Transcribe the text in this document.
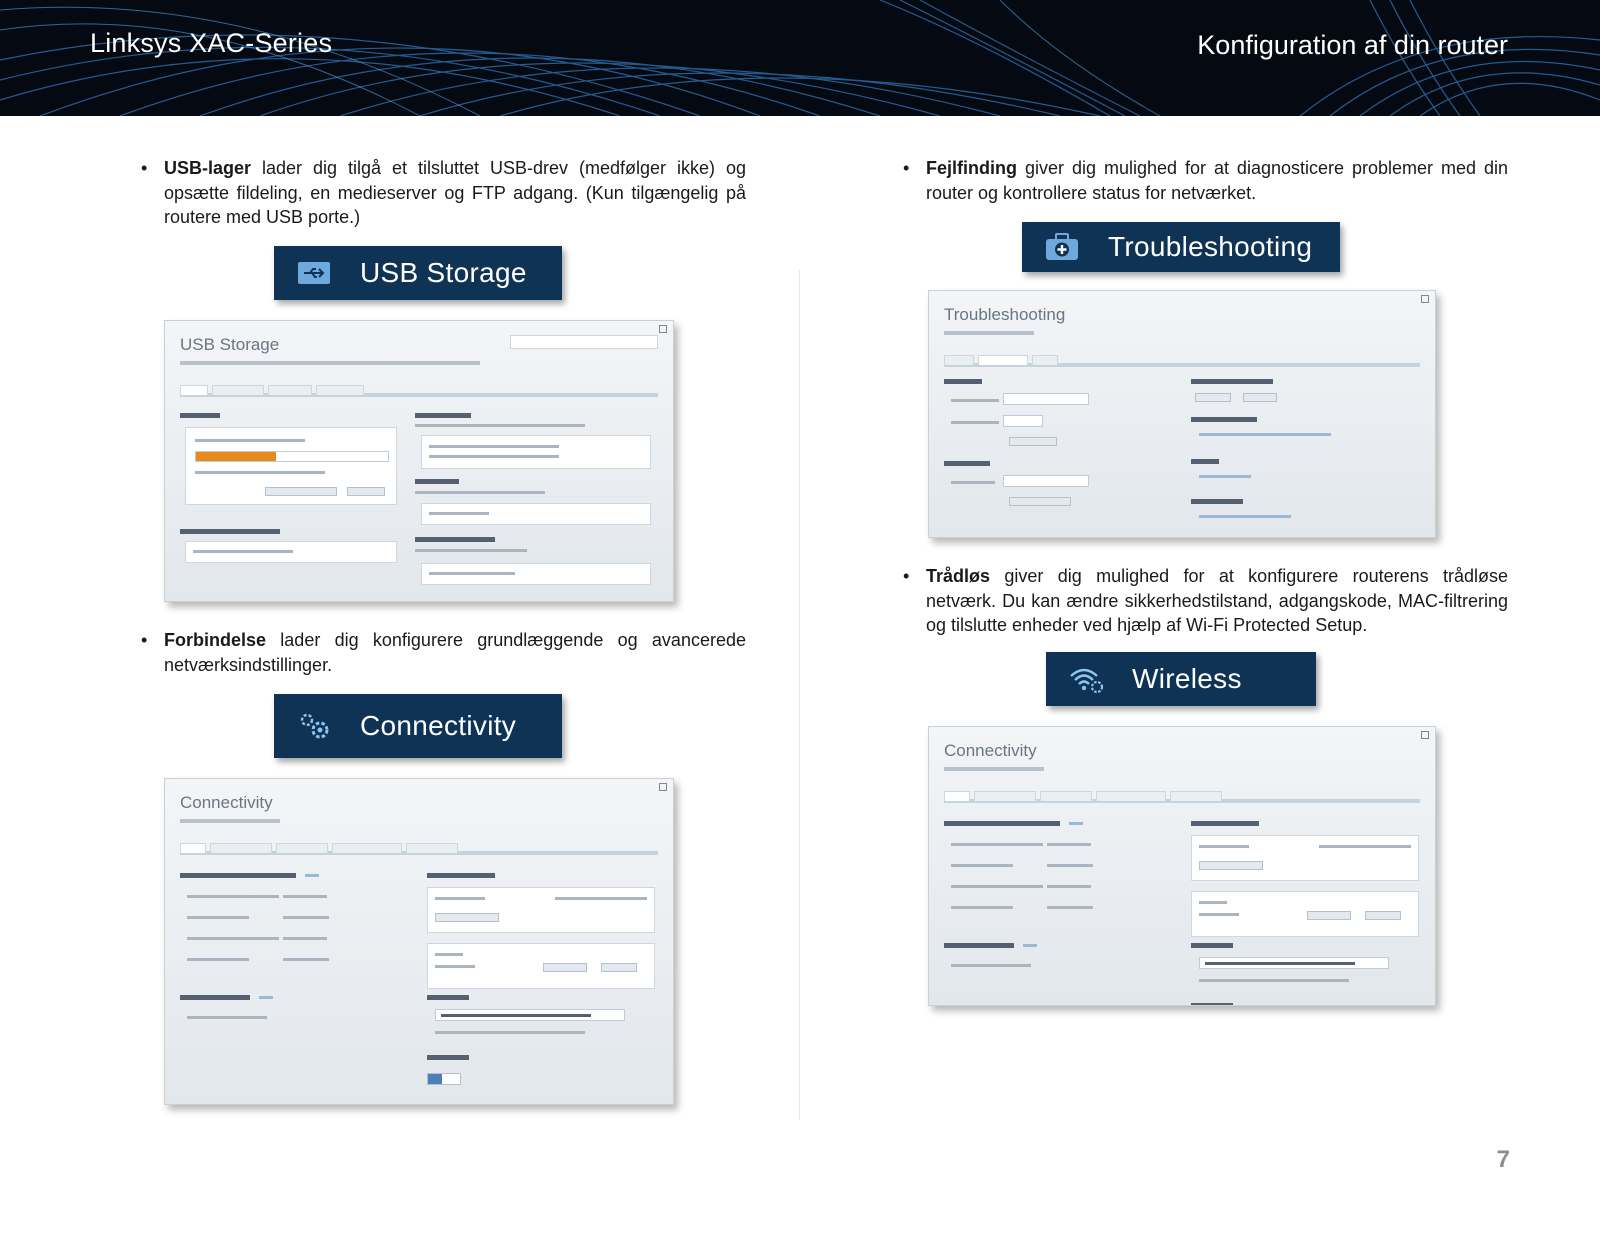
Linksys XAC-Series	Konfiguration af din router
• USB-lager lader dig tilgå et tilsluttet USB-drev (medfølger ikke) og opsætte fildeling, en medieserver og FTP adgang. (Kun tilgængelig på routere med USB porte.)
USB Storage
USB Storage
• Forbindelse lader dig konfigurere grundlæggende og avancerede netværksindstillinger.
Connectivity
Connectivity
• Fejlfinding giver dig mulighed for at diagnosticere problemer med din router og kontrollere status for netværket.
Troubleshooting
Troubleshooting
• Trådløs giver dig mulighed for at konfigurere routerens trådløse netværk. Du kan ændre sikkerhedstilstand, adgangskode, MAC-filtrering og tilslutte enheder ved hjælp af Wi-Fi Protected Setup.
Wireless
Connectivity
7
